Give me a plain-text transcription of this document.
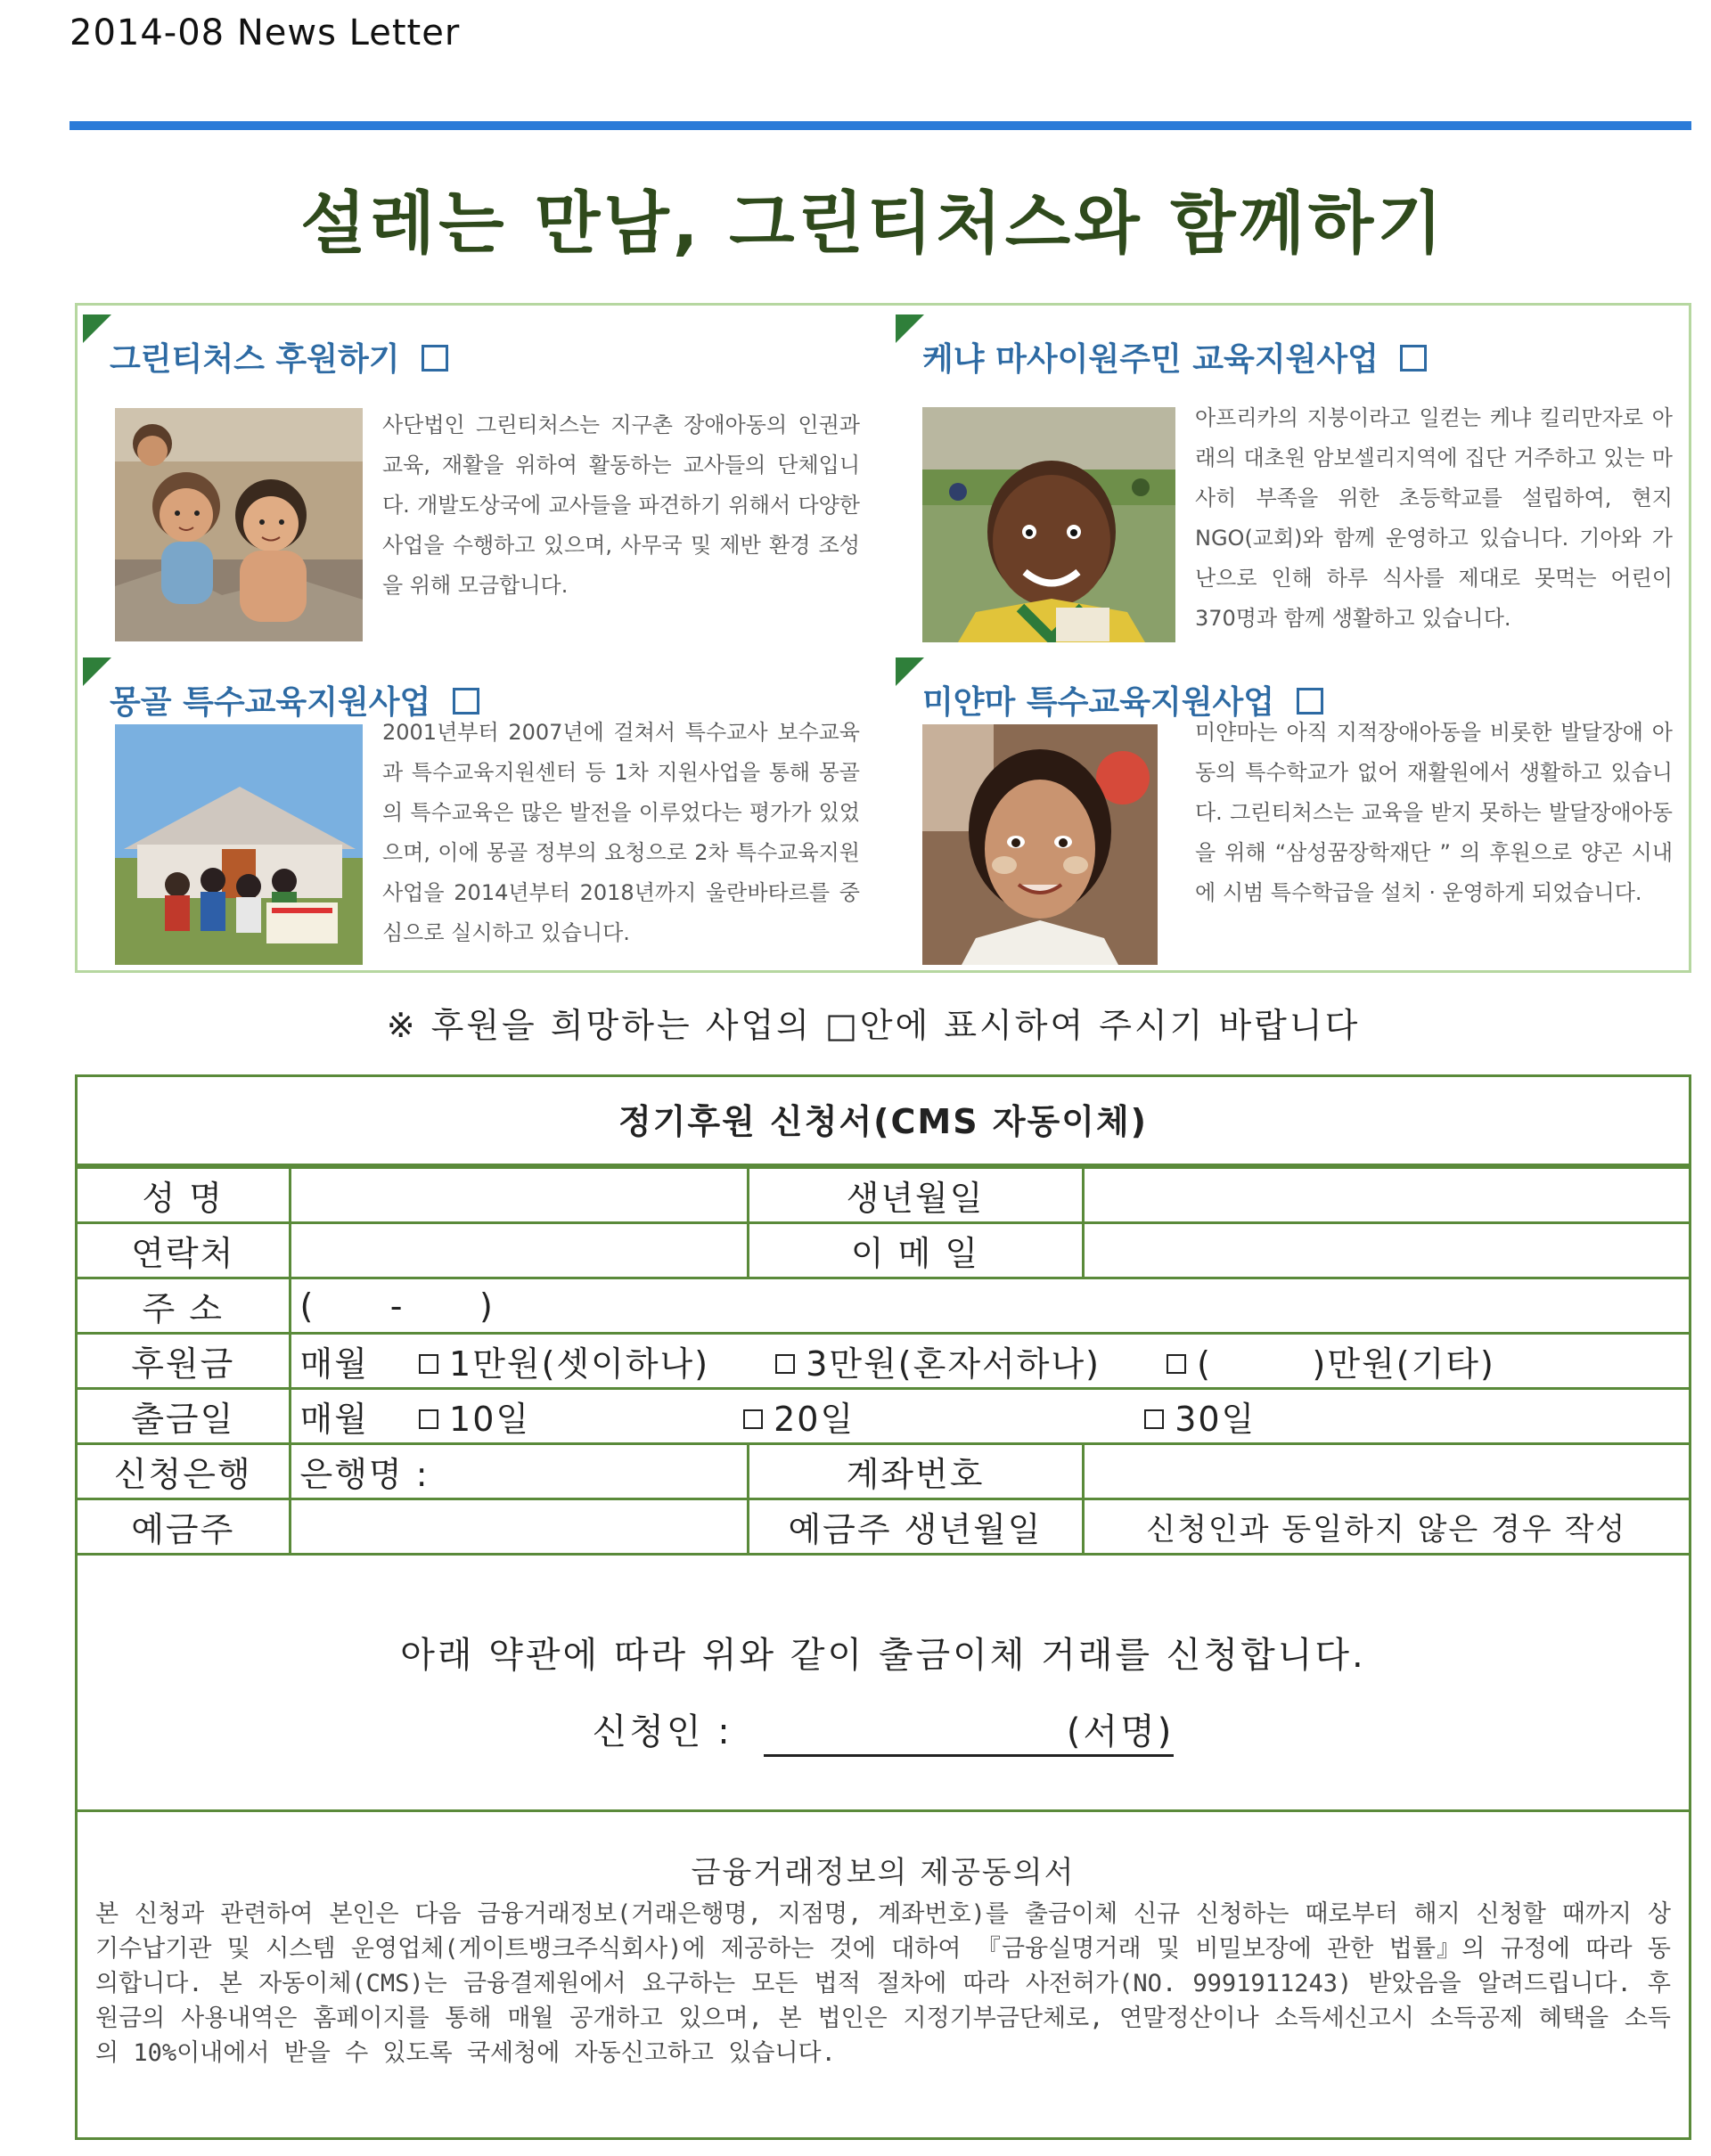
2014-08 News Letter
설레는 만남, 그린티처스와 함께하기
그린티처스 후원하기
사단법인 그린티처스는 지구촌 장애아동의 인권과 교육, 재활을 위하여 활동하는 교사들의 단체입니다. 개발도상국에 교사들을 파견하기 위해서 다양한 사업을 수행하고 있으며, 사무국 및 제반 환경 조성을 위해 모금합니다.
케냐 마사이원주민 교육지원사업
아프리카의 지붕이라고 일컫는 케냐 킬리만자로 아래의 대초원 암보셀리지역에 집단 거주하고 있는 마사히 부족을 위한 초등학교를 설립하여, 현지 NGO(교회)와 함께 운영하고 있습니다. 기아와 가난으로 인해 하루 식사를 제대로 못먹는 어린이 370명과 함께 생활하고 있습니다.
몽골 특수교육지원사업
2001년부터 2007년에 걸쳐서 특수교사 보수교육과 특수교육지원센터 등 1차 지원사업을 통해 몽골의 특수교육은 많은 발전을 이루었다는 평가가 있었으며, 이에 몽골 정부의 요청으로 2차 특수교육지원사업을 2014년부터 2018년까지 울란바타르를 중심으로 실시하고 있습니다.
미얀마 특수교육지원사업
미얀마는 아직 지적장애아동을 비롯한 발달장애 아동의 특수학교가 없어 재활원에서 생활하고 있습니다. 그린티처스는 교육을 받지 못하는 발달장애아동을 위해 “삼성꿈장학재단 ” 의 후원으로 양곤 시내에 시범 특수학급을 설치 · 운영하게 되었습니다.
※ 후원을 희망하는 사업의 □안에 표시하여 주시기 바랍니다
정기후원 신청서(CMS 자동이체)
성 명		생년월일	
연락처		이 메 일	
주 소	(      -      )		
후원금	매월 1만원(셋이하나) 3만원(혼자서하나) (        )만원(기타)		
출금일	매월 10일 20일 30일		
신청은행	은행명 :	계좌번호	
예금주		예금주 생년월일	신청인과 동일하지 않은 경우 작성
아래 약관에 따라 위와 같이 출금이체 거래를 신청합니다.
신청인 :	(서명)
금융거래정보의 제공동의서
본 신청과 관련하여 본인은 다음 금융거래정보(거래은행명, 지점명, 계좌번호)를 출금이체 신규 신청하는 때로부터 해지 신청할 때까지 상기수납기관 및 시스템 운영업체(게이트뱅크주식회사)에 제공하는 것에 대하여 『금융실명거래 및 비밀보장에 관한 법률』의 규정에 따라 동의합니다. 본 자동이체(CMS)는 금융결제원에서 요구하는 모든 법적 절차에 따라 사전허가(NO. 9991911243) 받았음을 알려드립니다. 후원금의 사용내역은 홈페이지를 통해 매월 공개하고 있으며, 본 법인은 지정기부금단체로, 연말정산이나 소득세신고시 소득공제 혜택을 소득의 10%이내에서 받을 수 있도록 국세청에 자동신고하고 있습니다.
